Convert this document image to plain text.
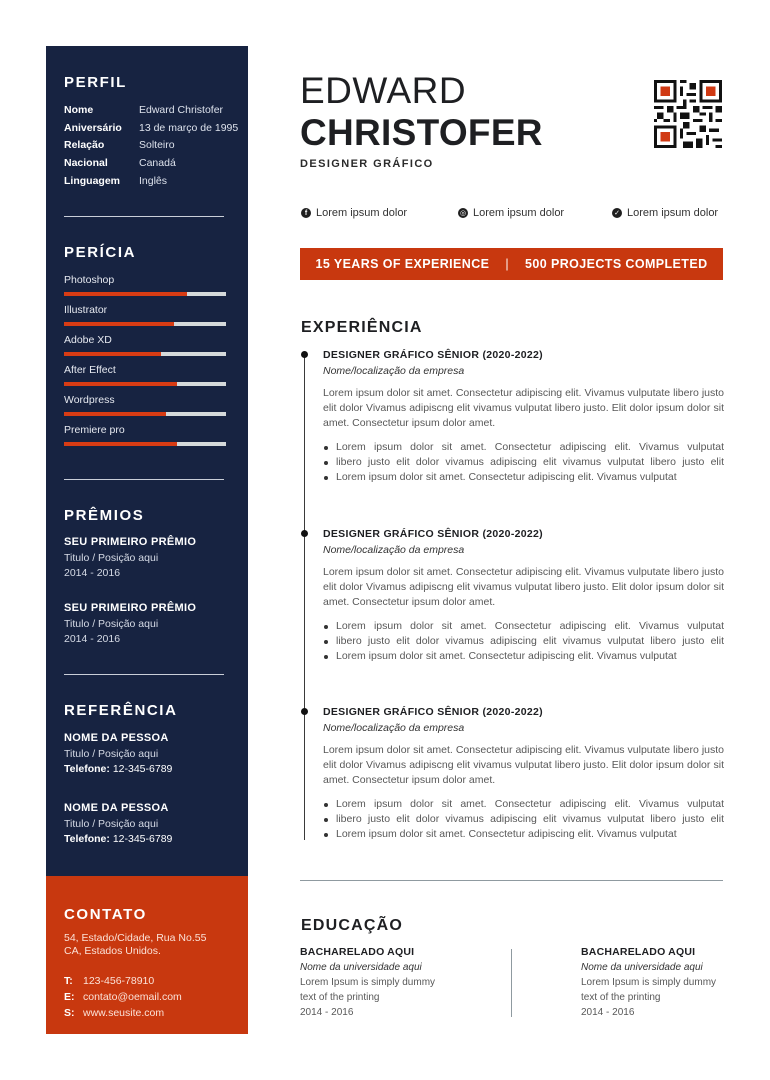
PERFIL
Nome	Edward Christofer
Aniversário 13 de março de 1995
Relação	Solteiro
Nacional	Canadá
Linguagem Inglês
PERÍCIA
Photoshop
Illustrator
Adobe XD
After Effect
Wordpress
Premiere pro
PRÊMIOS
SEU PRIMEIRO PRÊMIO
Titulo / Posição aqui
2014 - 2016
SEU PRIMEIRO PRÊMIO
Titulo / Posição aqui
2014 - 2016
REFERÊNCIA
NOME DA PESSOA
Titulo / Posição aqui
Telefone: 12-345-6789
NOME DA PESSOA
Titulo / Posição aqui
Telefone: 12-345-6789
CONTATO
54, Estado/Cidade, Rua No.55
CA, Estados Unidos.
T: 123-456-78910
E: contato@oemail.com
S: www.seusite.com
EDWARD
CHRISTOFER
DESIGNER GRÁFICO
f Lorem ipsum dolor	◎ Lorem ipsum dolor	✓ Lorem ipsum dolor
15 YEARS OF EXPERIENCE | 500 PROJECTS COMPLETED
EXPERIÊNCIA
DESIGNER GRÁFICO SÊNIOR (2020-2022)
Nome/localização da empresa
Lorem ipsum dolor sit amet. Consectetur adipiscing elit. Vivamus vulputate libero justo elit dolor Vivamus adipiscng elit vivamus vulputat libero justo. Elit dolor ipsum dolor sit amet. Consectetur ipsum dolor amet.
Lorem ipsum dolor sit amet. Consectetur adipiscing elit. Vivamus vulputat
libero justo elit dolor vivamus adipiscing elit vivamus vulputat libero justo elit
Lorem ipsum dolor sit amet. Consectetur adipiscing elit. Vivamus vulputat
DESIGNER GRÁFICO SÊNIOR (2020-2022)
Nome/localização da empresa
Lorem ipsum dolor sit amet. Consectetur adipiscing elit. Vivamus vulputate libero justo elit dolor Vivamus adipiscng elit vivamus vulputat libero justo. Elit dolor ipsum dolor sit amet. Consectetur ipsum dolor amet.
Lorem ipsum dolor sit amet. Consectetur adipiscing elit. Vivamus vulputat
libero justo elit dolor vivamus adipiscing elit vivamus vulputat libero justo elit
Lorem ipsum dolor sit amet. Consectetur adipiscing elit. Vivamus vulputat
DESIGNER GRÁFICO SÊNIOR (2020-2022)
Nome/localização da empresa
Lorem ipsum dolor sit amet. Consectetur adipiscing elit. Vivamus vulputate libero justo elit dolor Vivamus adipiscng elit vivamus vulputat libero justo. Elit dolor ipsum dolor sit amet. Consectetur ipsum dolor amet.
Lorem ipsum dolor sit amet. Consectetur adipiscing elit. Vivamus vulputat
libero justo elit dolor vivamus adipiscing elit vivamus vulputat libero justo elit
Lorem ipsum dolor sit amet. Consectetur adipiscing elit. Vivamus vulputat
EDUCAÇÃO
BACHARELADO AQUI
Nome da universidade aqui
Lorem Ipsum is simply dummy
text of the printing
2014 - 2016
BACHARELADO AQUI
Nome da universidade aqui
Lorem Ipsum is simply dummy
text of the printing
2014 - 2016
